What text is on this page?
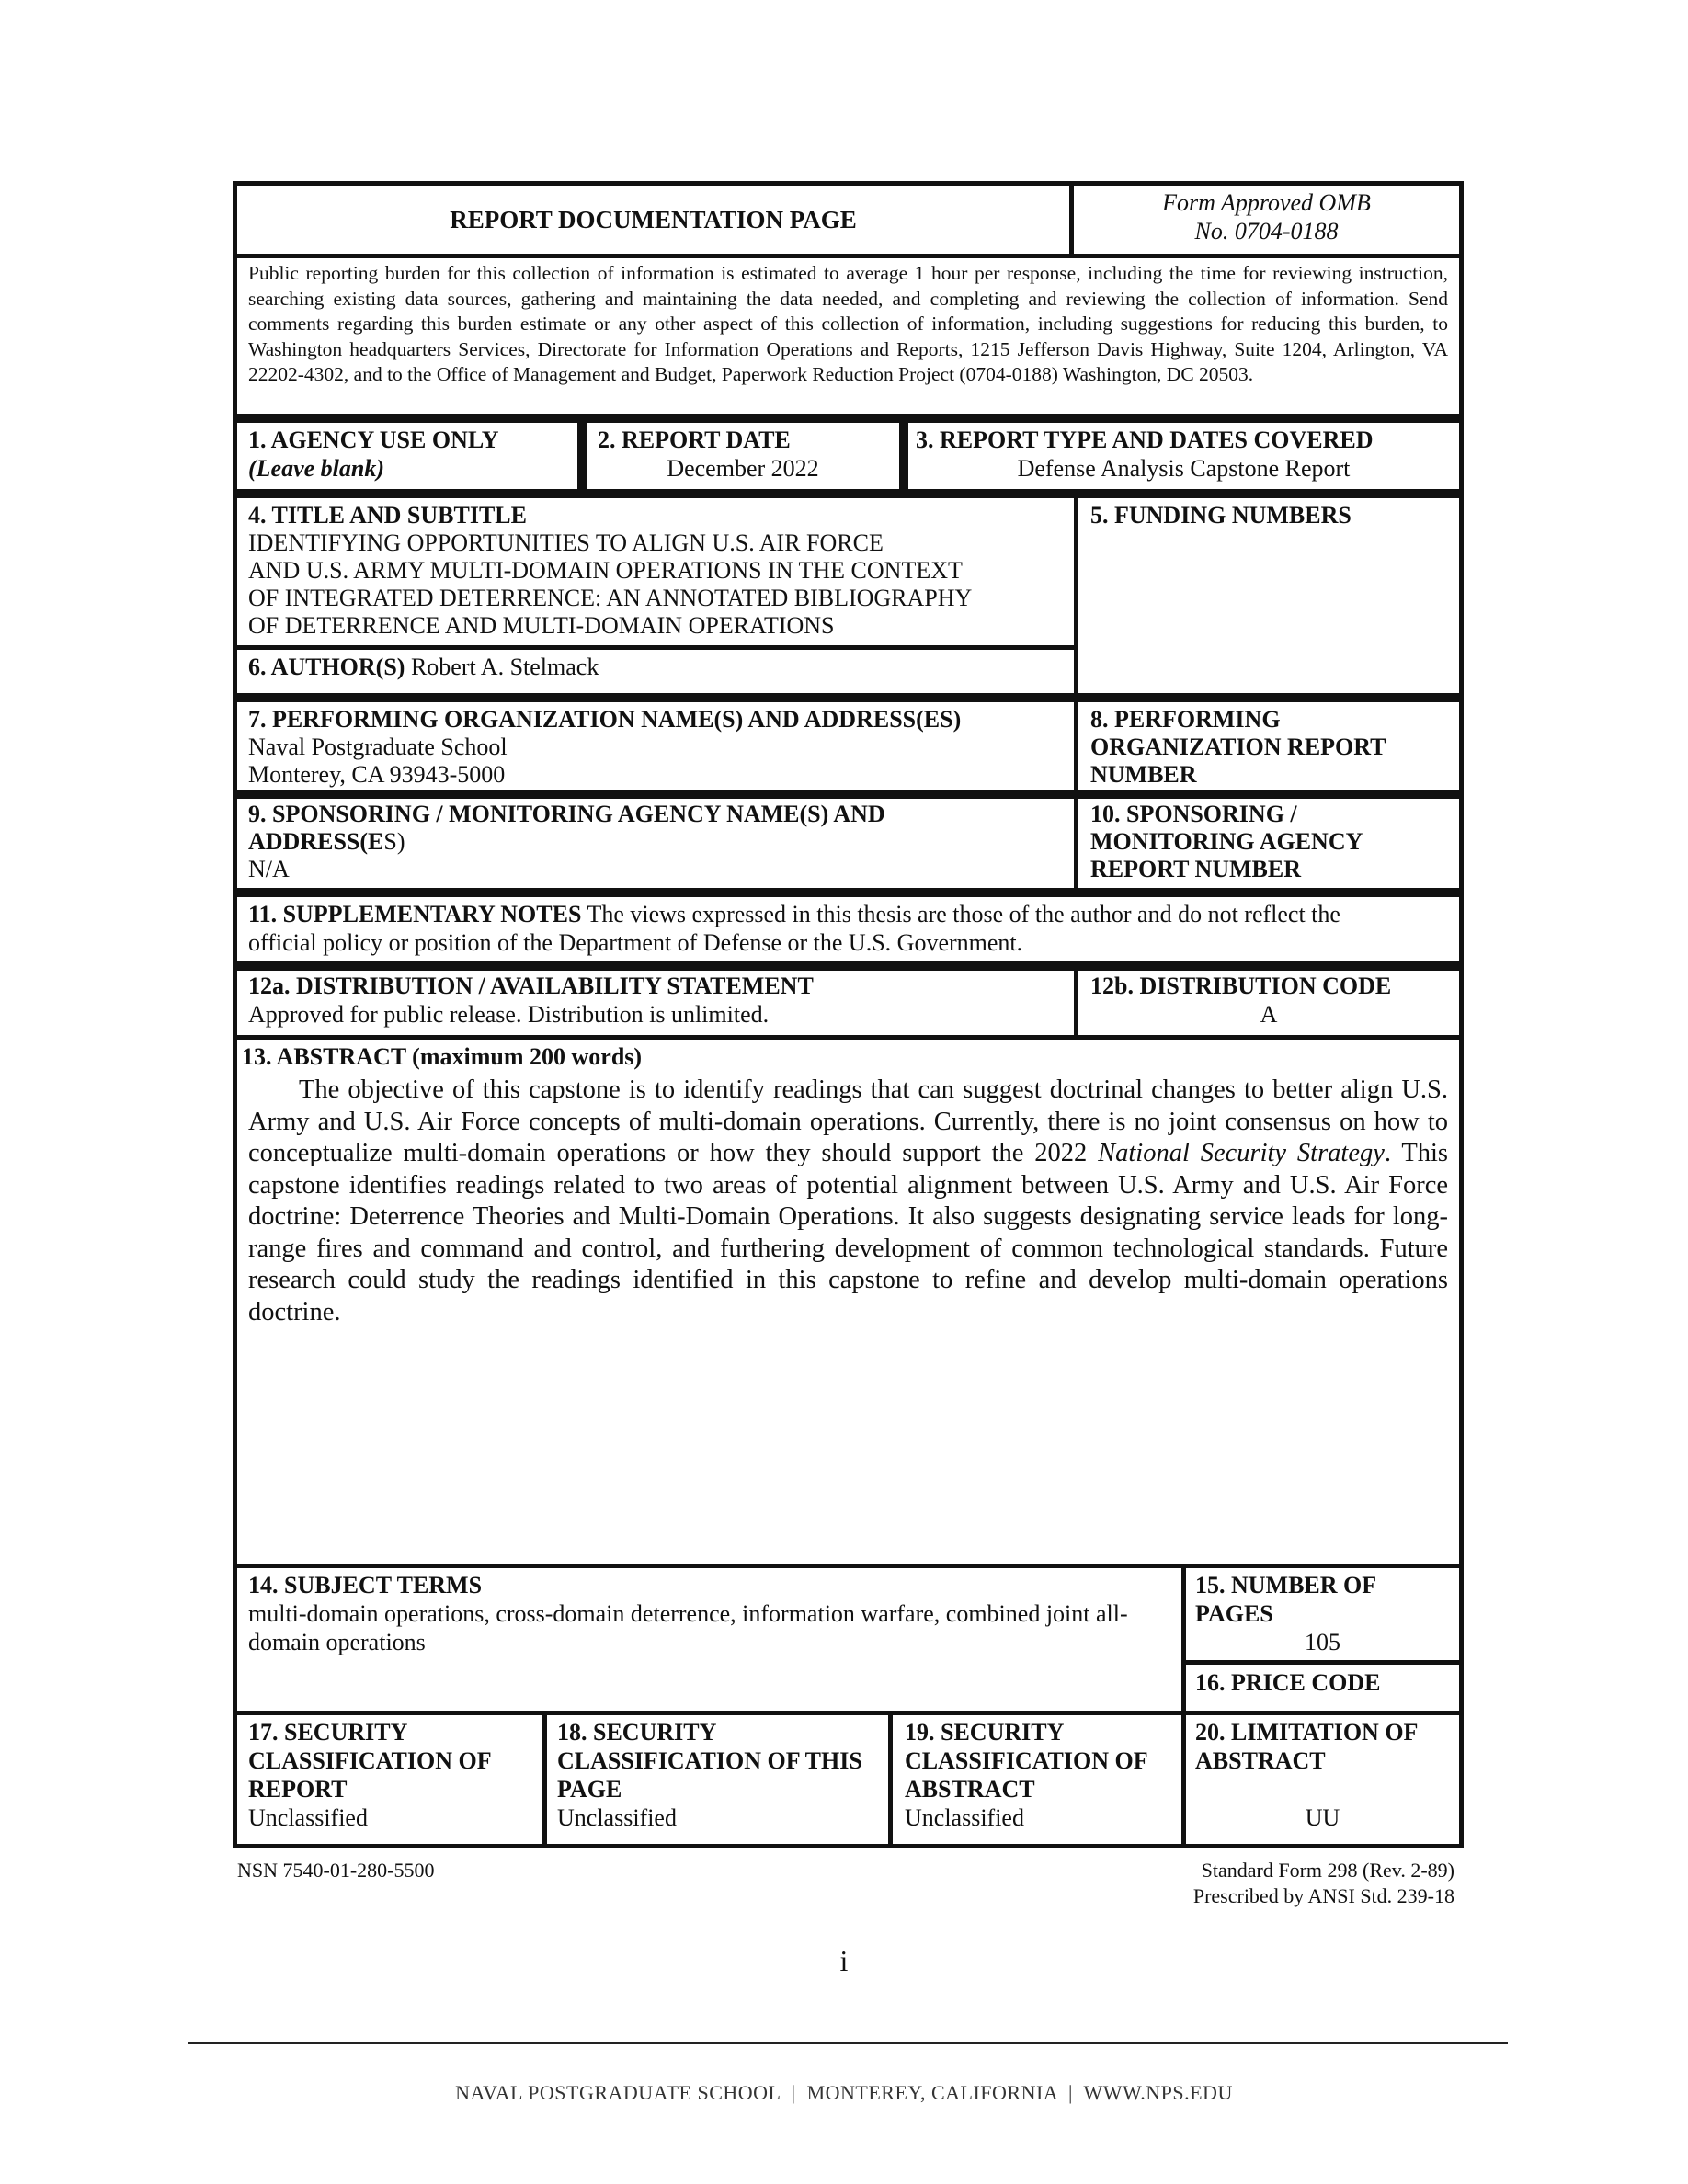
REPORT DOCUMENTATION PAGE
Form Approved OMB
No. 0704-0188
Public reporting burden for this collection of information is estimated to average 1 hour per response, including the time for reviewing instruction, searching existing data sources, gathering and maintaining the data needed, and completing and reviewing the collection of information. Send comments regarding this burden estimate or any other aspect of this collection of information, including suggestions for reducing this burden, to Washington headquarters Services, Directorate for Information Operations and Reports, 1215 Jefferson Davis Highway, Suite 1204, Arlington, VA 22202-4302, and to the Office of Management and Budget, Paperwork Reduction Project (0704-0188) Washington, DC 20503.
1. AGENCY USE ONLY
(Leave blank)
2. REPORT DATE
December 2022
3. REPORT TYPE AND DATES COVERED
Defense Analysis Capstone Report
4. TITLE AND SUBTITLE
IDENTIFYING OPPORTUNITIES TO ALIGN U.S. AIR FORCE
AND U.S. ARMY MULTI-DOMAIN OPERATIONS IN THE CONTEXT
OF INTEGRATED DETERRENCE: AN ANNOTATED BIBLIOGRAPHY
OF DETERRENCE AND MULTI-DOMAIN OPERATIONS
5. FUNDING NUMBERS
6. AUTHOR(S) Robert A. Stelmack
7. PERFORMING ORGANIZATION NAME(S) AND ADDRESS(ES)
Naval Postgraduate School
Monterey, CA 93943-5000
8. PERFORMING
ORGANIZATION REPORT
NUMBER
9. SPONSORING / MONITORING AGENCY NAME(S) AND
ADDRESS(ES)
N/A
10. SPONSORING /
MONITORING AGENCY
REPORT NUMBER
11. SUPPLEMENTARY NOTES The views expressed in this thesis are those of the author and do not reflect the
official policy or position of the Department of Defense or the U.S. Government.
12a. DISTRIBUTION / AVAILABILITY STATEMENT
Approved for public release. Distribution is unlimited.
12b. DISTRIBUTION CODE
A
13. ABSTRACT (maximum 200 words)
The objective of this capstone is to identify readings that can suggest doctrinal changes to better align U.S. Army and U.S. Air Force concepts of multi-domain operations. Currently, there is no joint consensus on how to conceptualize multi-domain operations or how they should support the 2022 National Security Strategy. This capstone identifies readings related to two areas of potential alignment between U.S. Army and U.S. Air Force doctrine: Deterrence Theories and Multi-Domain Operations. It also suggests designating service leads for long-range fires and command and control, and furthering development of common technological standards. Future research could study the readings identified in this capstone to refine and develop multi-domain operations doctrine.
14. SUBJECT TERMS
multi-domain operations, cross-domain deterrence, information warfare, combined joint all-
domain operations
15. NUMBER OF
PAGES
105
16. PRICE CODE
17. SECURITY
CLASSIFICATION OF
REPORT
Unclassified
18. SECURITY
CLASSIFICATION OF THIS
PAGE
Unclassified
19. SECURITY
CLASSIFICATION OF
ABSTRACT
Unclassified
20. LIMITATION OF
ABSTRACT
UU
NSN 7540-01-280-5500	Standard Form 298 (Rev. 2-89)
Prescribed by ANSI Std. 239-18
i
NAVAL POSTGRADUATE SCHOOL  |  MONTEREY, CALIFORNIA  |  WWW.NPS.EDU
